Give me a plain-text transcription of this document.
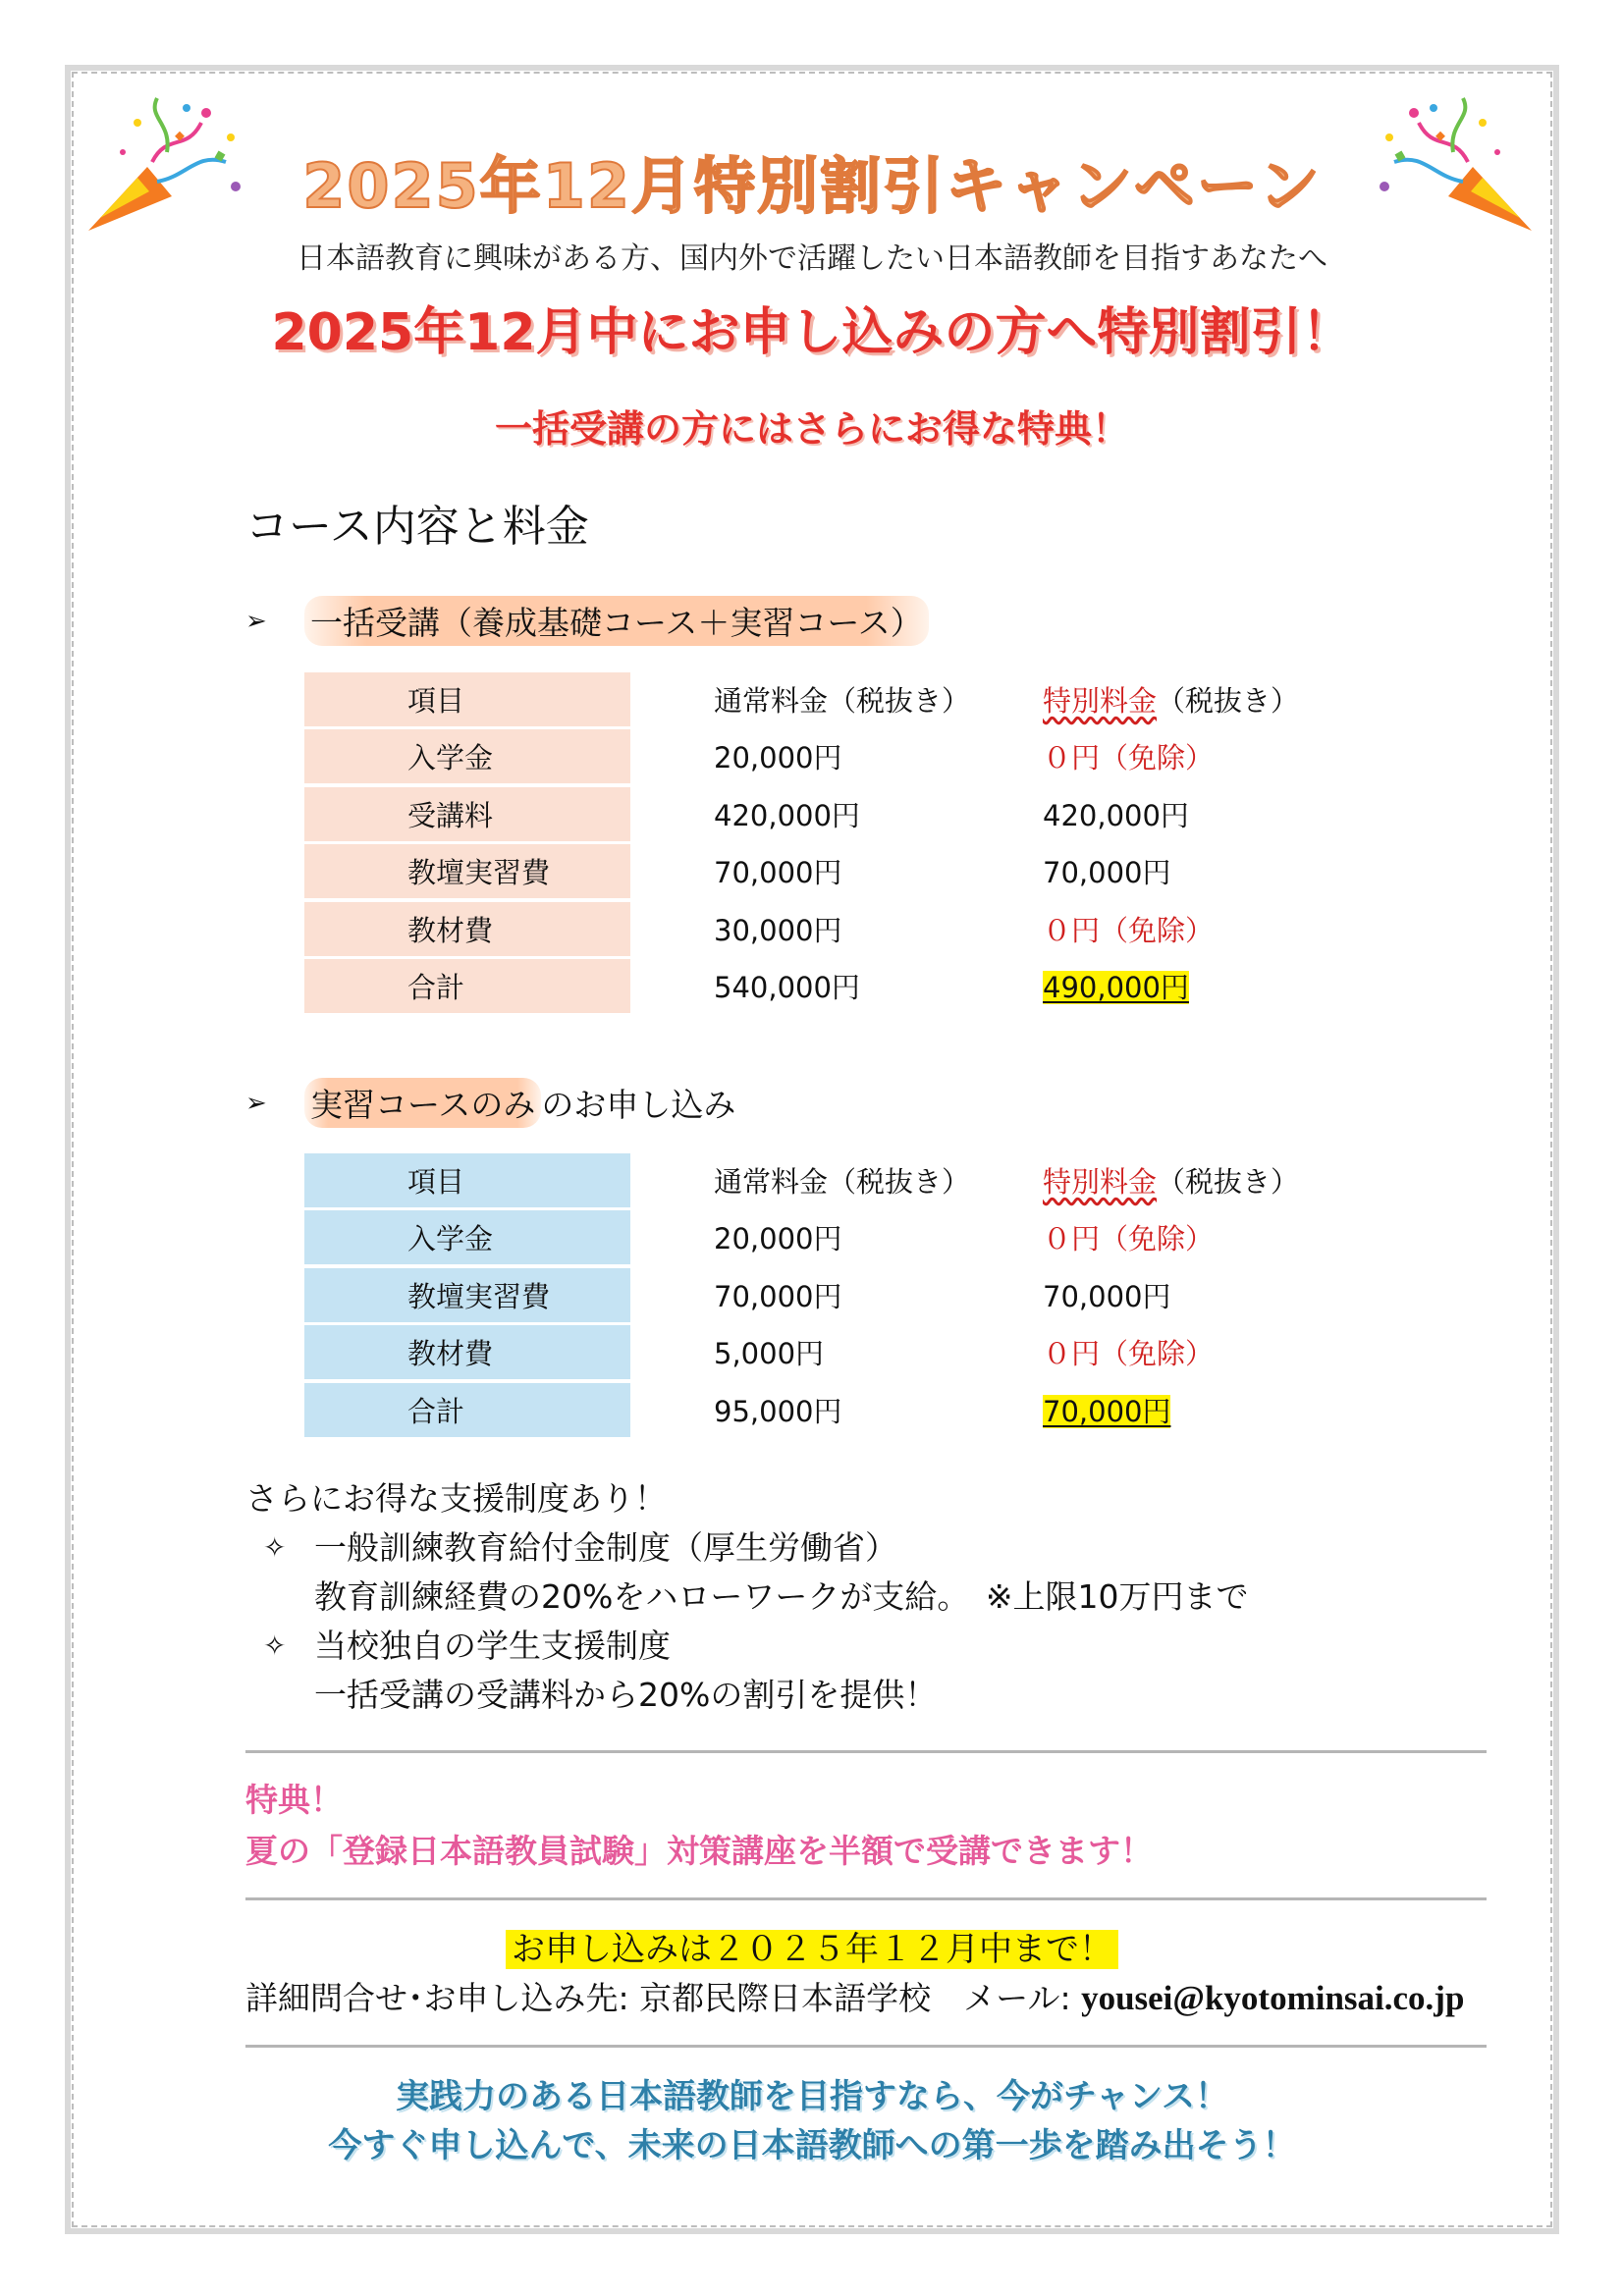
2025年12月特別割引キャンペーン
日本語教育に興味がある方、国内外で活躍したい日本語教師を目指すあなたへ
2025年12月中にお申し込みの方へ特別割引！
一括受講の方にはさらにお得な特典！
コース内容と料金
➢	一括受講（養成基礎コース＋実習コース）
項目	通常料金（税抜き）	特別料金（税抜き）
入学金	20,000円	０円（免除）
受講料	420,000円	420,000円
教壇実習費	70,000円	70,000円
教材費	30,000円	０円（免除）
合計	540,000円	490,000円
➢	実習コースのみ のお申し込み
項目	通常料金（税抜き）	特別料金（税抜き）
入学金	20,000円	０円（免除）
教壇実習費	70,000円	70,000円
教材費	5,000円	０円（免除）
合計	95,000円	70,000円
さらにお得な支援制度あり！
✧ 一般訓練教育給付金制度（厚生労働省）
教育訓練経費の20%をハローワークが支給。　※上限10万円まで
✧ 当校独自の学生支援制度
一括受講の受講料から20%の割引を提供！
特典！
夏の「登録日本語教員試験」対策講座を半額で受講できます！
お申し込みは２０２５年１２月中まで！
詳細問合せ･お申し込み先: 京都民際日本語学校　メール: yousei@kyotominsai.co.jp
実践力のある日本語教師を目指すなら、今がチャンス！
今すぐ申し込んで、未来の日本語教師への第一歩を踏み出そう！
